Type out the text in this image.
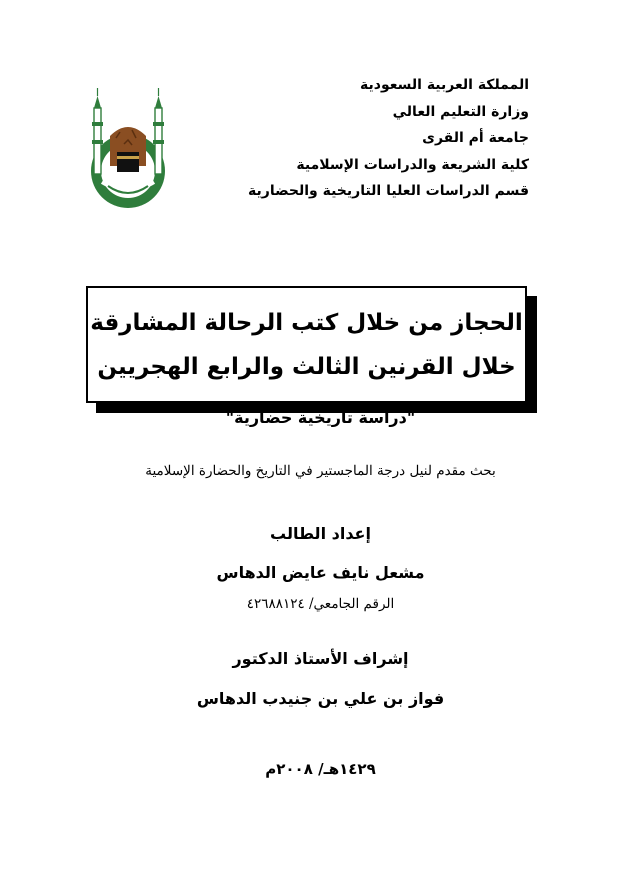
المملكة العربية السعودية
وزارة التعليم العالي
جامعة أم القرى
كلية الشريعة والدراسات الإسلامية
قسم الدراسات العليا التاريخية والحضارية
الحجاز من خلال كتب الرحالة المشارقة
خلال القرنين الثالث والرابع الهجريين
"دراسة تاريخية حضارية"
بحث مقدم لنيل درجة الماجستير في التاريخ والحضارة الإسلامية
إعداد الطالب
مشعل نايف عايض الدهاس
الرقم الجامعي/ ٤٢٦٨٨١٢٤
إشراف الأستاذ الدكتور
فواز بن علي بن جنيدب الدهاس
١٤٢٩هـ/ ٢٠٠٨م
